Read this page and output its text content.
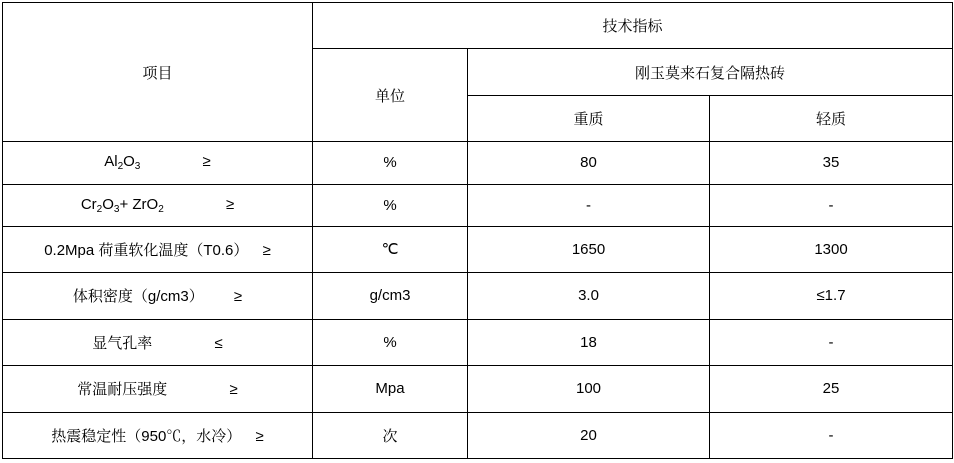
项目	技术指标		
	单位	刚玉莫来石复合隔热砖	
		重质	轻质
$Al_2O_3$ ≥	%	80	35
$Cr_2O_3+ ZrO_2$ ≥	%	-	-
0.2Mpa 荷重软化温度（T0.6） ≥	℃	1650	1300
体积密度（g/cm3） ≥	g/cm3	3.0	≤1.7
显气孔率 ≤	%	18	-
常温耐压强度 ≥	Mpa	100	25
热震稳定性（950℃，水冷） ≥	次	20	-
